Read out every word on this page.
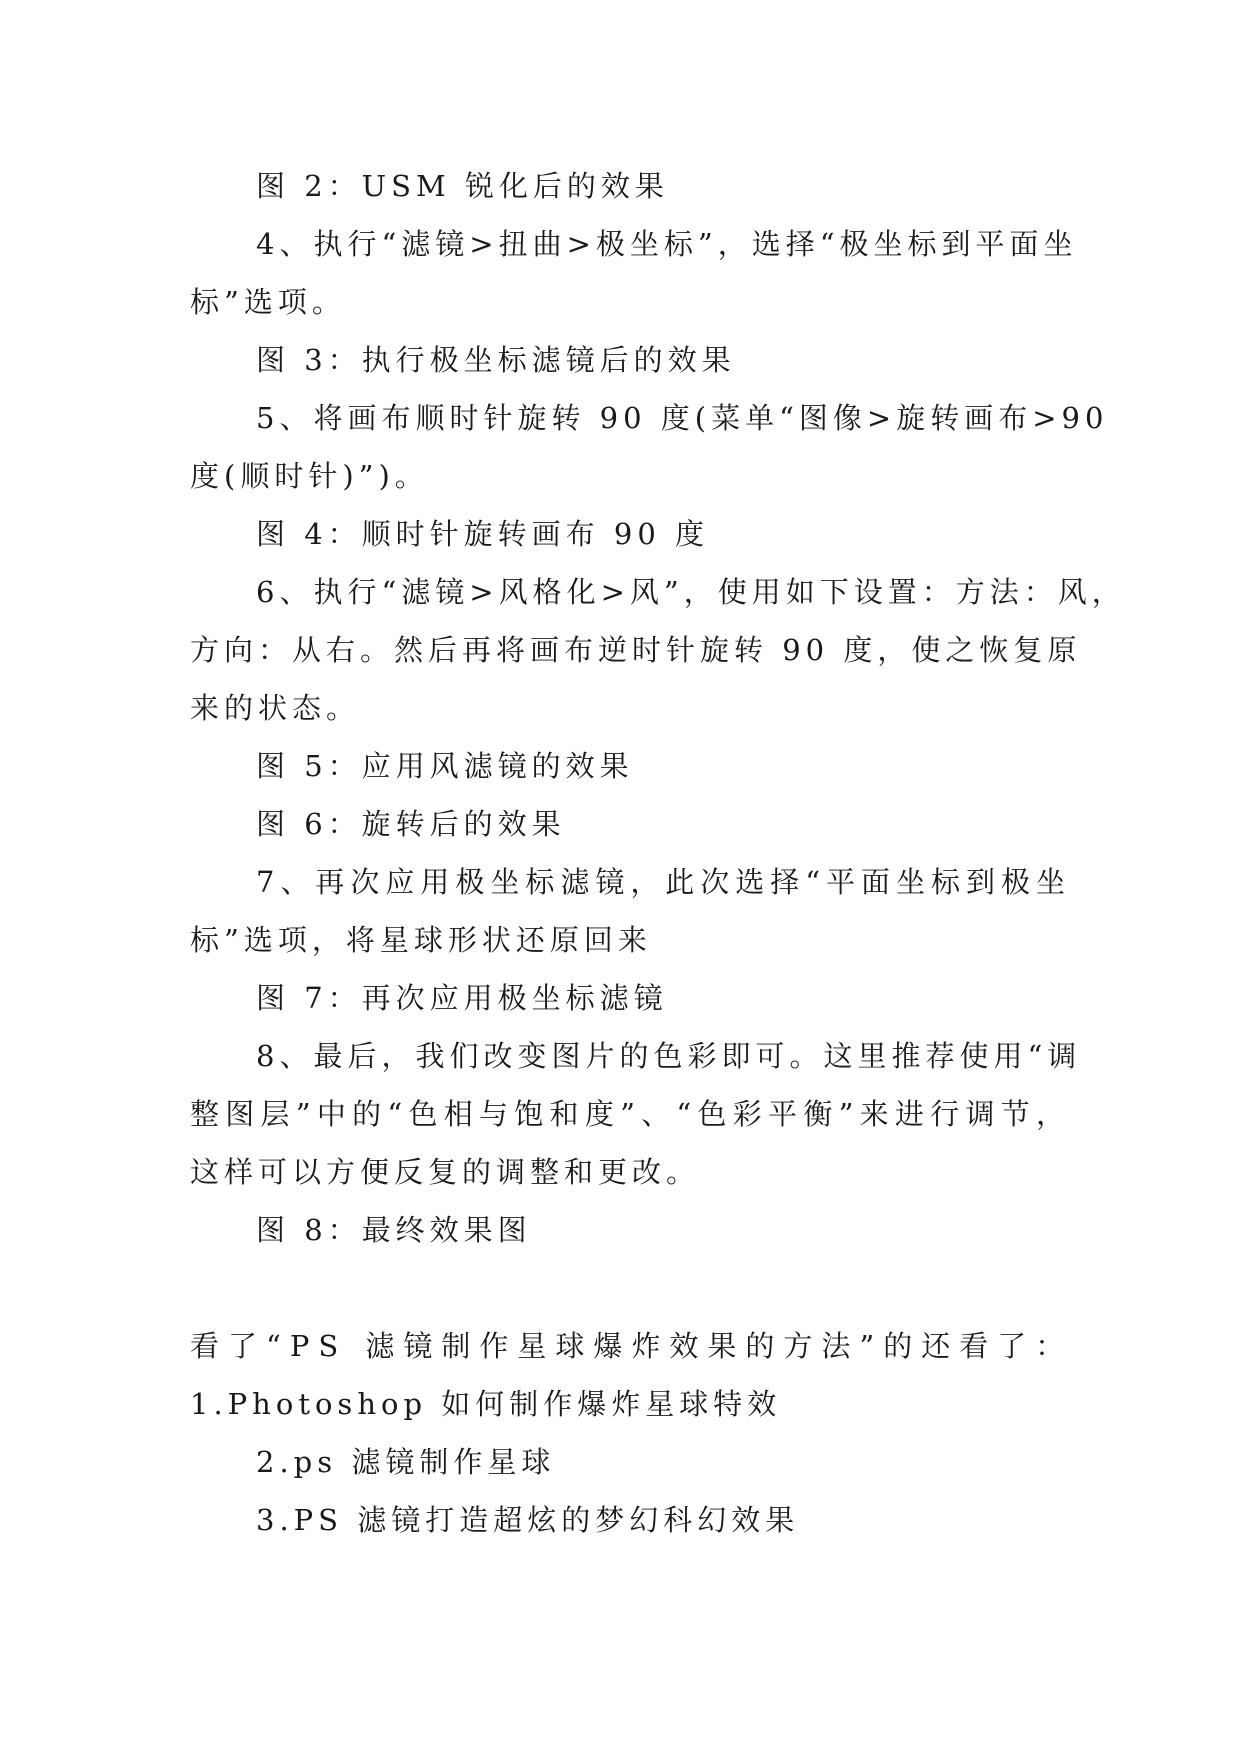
图 2：USM 锐化后的效果
4、执行“滤镜>扭曲>极坐标”，选择“极坐标到平面坐
标”选项。
图 3：执行极坐标滤镜后的效果
5、将画布顺时针旋转 90 度(菜单“图像>旋转画布>90
度(顺时针)”)。
图 4：顺时针旋转画布 90 度
6、执行“滤镜>风格化>风”，使用如下设置：方法：风，
方向：从右。然后再将画布逆时针旋转 90 度，使之恢复原
来的状态。
图 5：应用风滤镜的效果
图 6：旋转后的效果
7、再次应用极坐标滤镜，此次选择“平面坐标到极坐
标”选项，将星球形状还原回来
图 7：再次应用极坐标滤镜
8、最后，我们改变图片的色彩即可。这里推荐使用“调
整图层”中的“色相与饱和度”、“色彩平衡”来进行调节，
这样可以方便反复的调整和更改。
图 8：最终效果图
看了“PS 滤镜制作星球爆炸效果的方法”的还看了：
1.Photoshop 如何制作爆炸星球特效
2.ps 滤镜制作星球
3.PS 滤镜打造超炫的梦幻科幻效果
